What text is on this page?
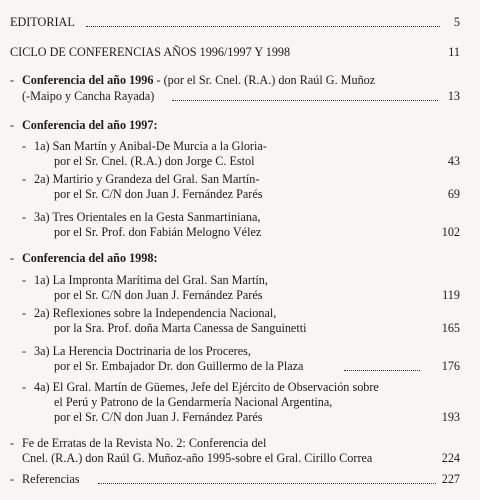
EDITORIAL	5
CICLO DE CONFERENCIAS AÑOS 1996/1997 Y 1998	11
- Conferencia del año 1996 - (por el Sr. Cnel. (R.A.) don Raúl G. Muñoz
(-Maipo y Cancha Rayada)	13
- Conferencia del año 1997:
- 1a) San Martín y Anibal-De Murcia a la Gloria-
por el Sr. Cnel. (R.A.) don Jorge C. Estol	43
- 2a) Martirio y Grandeza del Gral. San Martín-
por el Sr. C/N don Juan J. Fernández Parés	69
- 3a) Tres Orientales en la Gesta Sanmartiniana,
por el Sr. Prof. don Fabián Melogno Vélez	102
- Conferencia del año 1998:
- 1a) La Impronta Marítima del Gral. San Martín,
por el Sr. C/N don Juan J. Fernández Parés	119
- 2a) Reflexiones sobre la Independencia Nacional,
por la Sra. Prof. doña Marta Canessa de Sanguinetti	165
- 3a) La Herencia Doctrinaria de los Proceres,
por el Sr. Embajador Dr. don Guillermo de la Plaza	176
- 4a) El Gral. Martín de Güemes, Jefe del Ejército de Observación sobre
el Perú y Patrono de la Gendarmería Nacional Argentina,
por el Sr. C/N don Juan J. Fernández Parés	193
- Fe de Erratas de la Revista No. 2: Conferencia del
Cnel. (R.A.) don Raúl G. Muñoz-año 1995-sobre el Gral. Cirillo Correa	224
- Referencias	227
